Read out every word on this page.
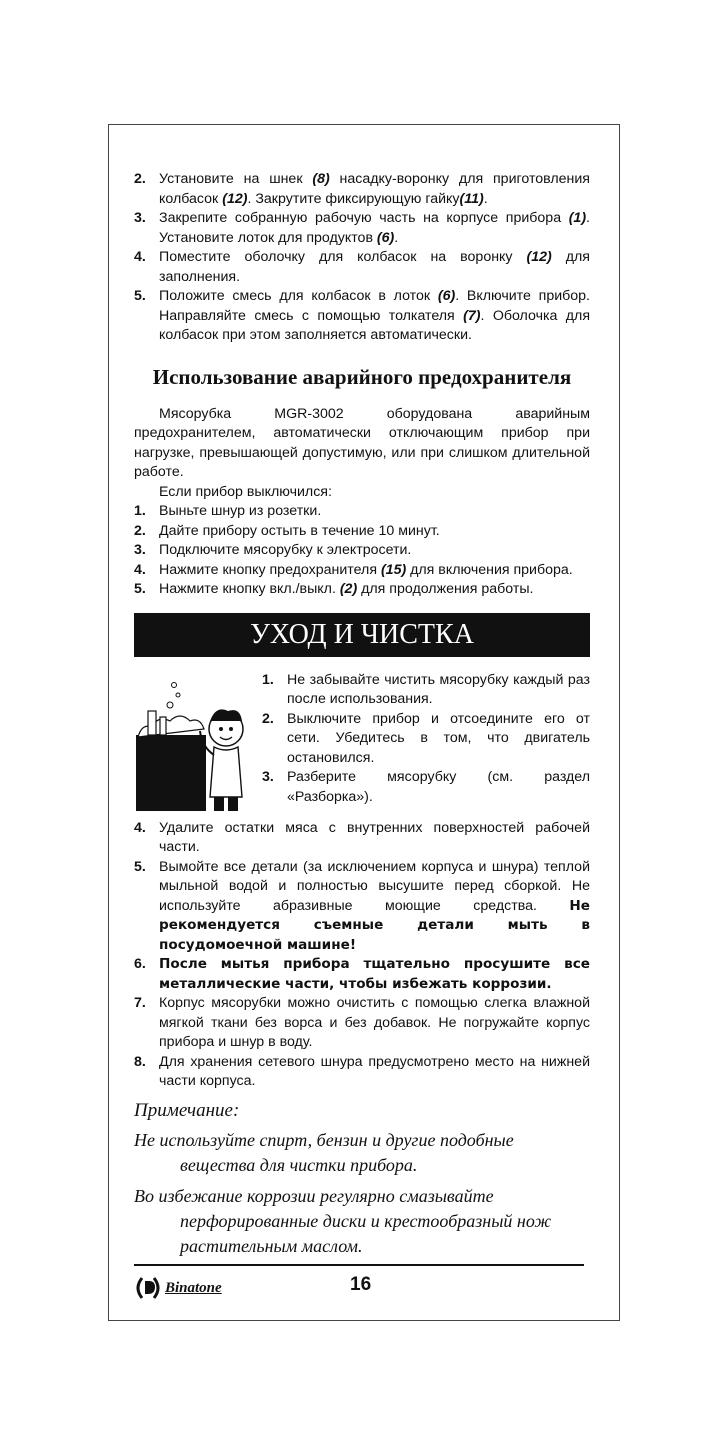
2. Установите на шнек (8) насадку-воронку для приготовления колбасок (12). Закрутите фиксирующую гайку(11).

3. Закрепите собранную рабочую часть на корпусе прибора (1). Установите лоток для продуктов (6).

4. Поместите оболочку для колбасок на воронку (12) для заполнения.

5. Положите смесь для колбасок в лоток (6). Включите прибор. Направляйте смесь с помощью толкателя (7). Оболочка для колбасок при этом заполняется автоматически.

Использование аварийного предохранителя

Мясорубка MGR-3002 оборудована аварийным предохранителем, автоматически отключающим прибор при нагрузке, превышающей допустимую, или при слишком длительной работе.

Если прибор выключился:

1. Выньте шнур из розетки.

2. Дайте прибору остыть в течение 10 минут.

3. Подключите мясорубку к электросети.

4. Нажмите кнопку предохранителя (15) для включения прибора.

5. Нажмите кнопку вкл./выкл. (2) для продолжения работы.

УХОД И ЧИСТКА

1. Не забывайте чистить мясорубку каждый раз после использования.

2. Выключите прибор и отсоедините его от сети. Убедитесь в том, что двигатель остановился.

3. Разберите мясорубку (см. раздел «Разборка»).

4. Удалите остатки мяса с внутренних поверхностей рабочей части.

5. Вымойте все детали (за исключением корпуса и шнура) теплой мыльной водой и полностью высушите перед сборкой. Не используйте абразивные моющие средства. Не рекомендуется съемные детали мыть в посудомоечной машине!

6. После мытья прибора тщательно просушите все металлические части, чтобы избежать коррозии.

7. Корпус мясорубки можно очистить с помощью слегка влажной мягкой ткани без ворса и без добавок. Не погружайте корпус прибора и шнур в воду.

8. Для хранения сетевого шнура предусмотрено место на нижней части корпуса.

Примечание:

Не используйте спирт, бензин и другие подобные вещества для чистки прибора.

Во избежание коррозии регулярно смазывайте перфорированные диски и крестообразный нож растительным маслом.

Binatone	16
